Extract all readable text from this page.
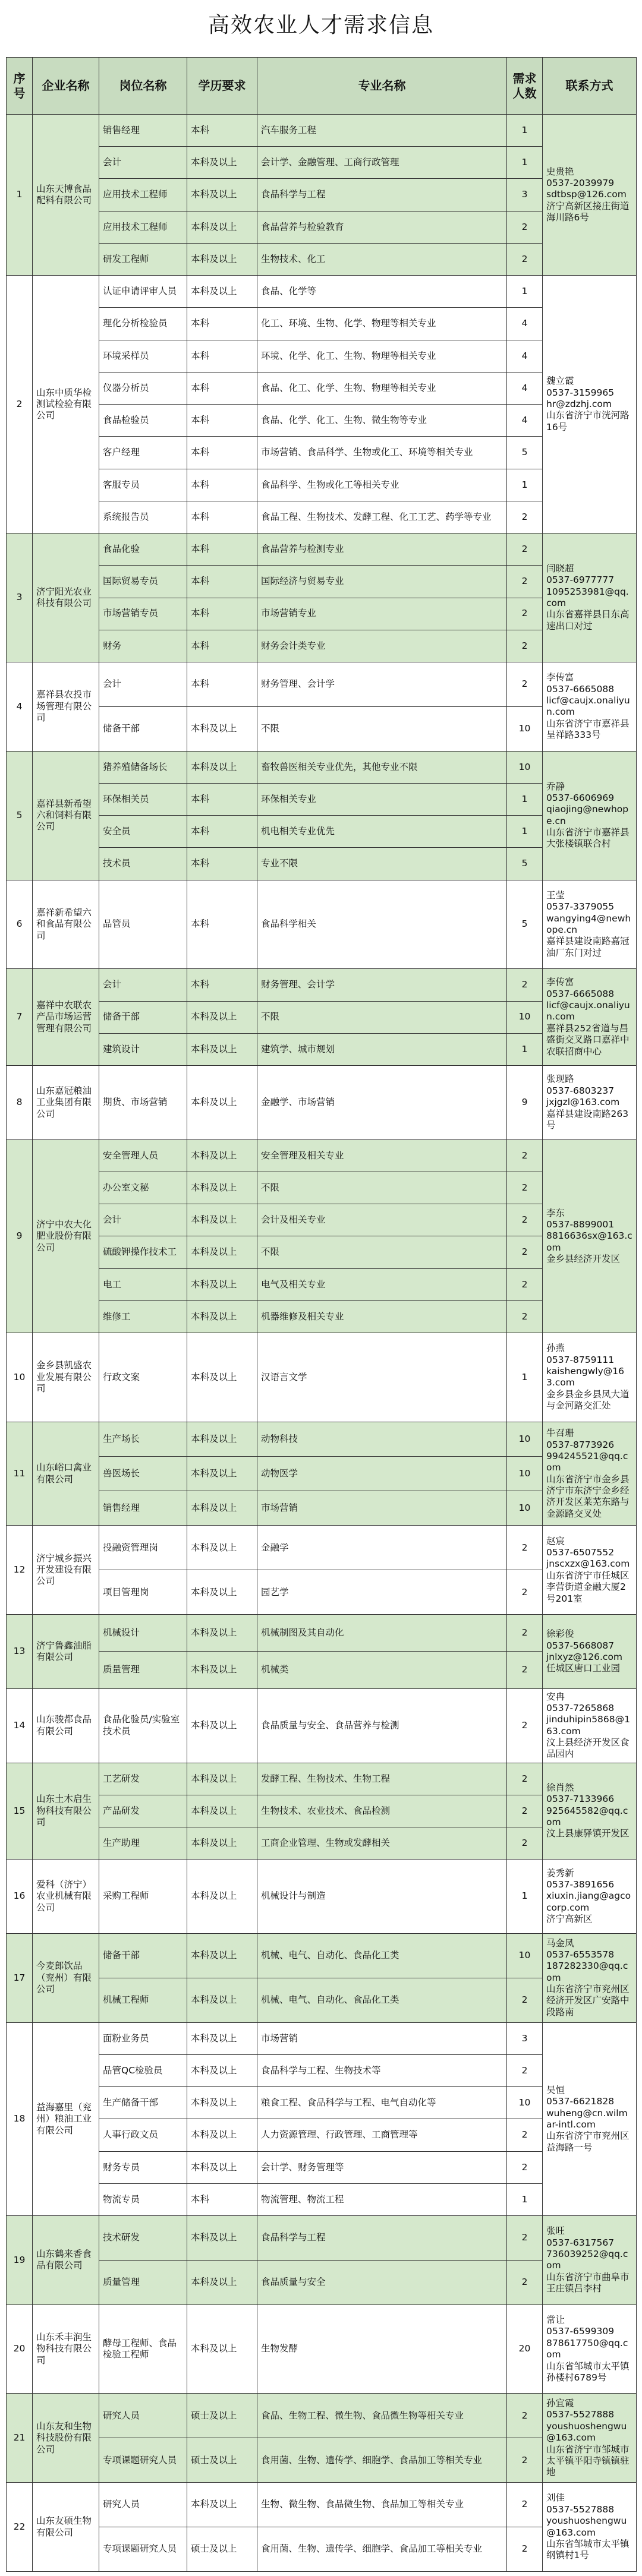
高效农业人才需求信息
序号	企业名称	岗位名称	学历要求	专业名称	需求人数	联系方式
1	山东天博食品配料有限公司	销售经理	本科	汽车服务工程	1	史贵艳
0537-2039979
sdtbsp@126.com
济宁高新区接庄街道海川路6号
		会计	本科及以上	会计学、金融管理、工商行政管理	1	
		应用技术工程师	本科及以上	食品科学与工程	3	
		应用技术工程师	本科及以上	食品营养与检验教育	2	
		研发工程师	本科及以上	生物技术、化工	2	
2	山东中质华检测试检验有限公司	认证申请评审人员	本科及以上	食品、化学等	1	魏立霞
0537-3159965
hr@zdzhj.com
山东省济宁市洸河路16号
		理化分析检验员	本科	化工、环境、生物、化学、物理等相关专业	4	
		环境采样员	本科	环境、化学、化工、生物、物理等相关专业	4	
		仪器分析员	本科	食品、化工、化学、生物、物理等相关专业	4	
		食品检验员	本科	食品、化学、化工、生物、微生物等专业	4	
		客户经理	本科	市场营销、食品科学、生物或化工、环境等相关专业	5	
		客服专员	本科	食品科学、生物或化工等相关专业	1	
		系统报告员	本科	食品工程、生物技术、发酵工程、化工工艺、药学等专业	2	
3	济宁阳光农业科技有限公司	食品化验	本科	食品营养与检测专业	2	闫晓超
0537-6977777
1095253981@qq.com
山东省嘉祥县日东高速出口对过
		国际贸易专员	本科	国际经济与贸易专业	2	
		市场营销专员	本科	市场营销专业	2	
		财务	本科	财务会计类专业	2	
4	嘉祥县农投市场管理有限公司	会计	本科	财务管理、会计学	2	李传富
0537-6665088
licf@caujx.onaliyun.com
山东省济宁市嘉祥县呈祥路333号
		储备干部	本科及以上	不限	10	
5	嘉祥县新希望六和饲料有限公司	猪养殖储备场长	本科及以上	畜牧兽医相关专业优先，其他专业不限	10	乔静
0537-6606969
qiaojing@newhope.cn
山东省济宁市嘉祥县大张楼镇联合村
		环保相关员	本科	环保相关专业	1	
		安全员	本科	机电相关专业优先	1	
		技术员	本科	专业不限	5	
6	嘉祥新希望六和食品有限公司	品管员	本科	食品科学相关	5	王莹
0537-3379055
wangying4@newhope.cn
嘉祥县建设南路嘉冠油厂东门对过
7	嘉祥中农联农产品市场运营管理有限公司	会计	本科	财务管理、会计学	2	李传富
0537-6665088
licf@caujx.onaliyun.com
嘉祥县252省道与昌盛街交叉路口嘉祥中农联招商中心
		储备干部	本科及以上	不限	10	
		建筑设计	本科及以上	建筑学、城市规划	1	
8	山东嘉冠粮油工业集团有限公司	期货、市场营销	本科及以上	金融学、市场营销	9	张现路
0537-6803237
jxjgzl@163.com
嘉祥县建设南路263号
9	济宁中农大化肥业股份有限公司	安全管理人员	本科及以上	安全管理及相关专业	2	李东
0537-8899001
8816636sx@163.com
金乡县经济开发区
		办公室文秘	本科及以上	不限	2	
		会计	本科及以上	会计及相关专业	2	
		硫酸钾操作技术工	本科及以上	不限	2	
		电工	本科及以上	电气及相关专业	2	
		维修工	本科及以上	机器维修及相关专业	2	
10	金乡县凯盛农业发展有限公司	行政文案	本科及以上	汉语言文学	1	孙燕
0537-8759111
kaishengwly@163.com
金乡县金乡县凤大道与金河路交汇处
11	山东峪口禽业有限公司	生产场长	本科及以上	动物科技	10	牛召珊
0537-8773926
994245521@qq.com
山东省济宁市金乡县济宁市东济宁金乡经济开发区莱芜东路与金源路交叉处
		兽医场长	本科及以上	动物医学	10	
		销售经理	本科及以上	市场营销	10	
12	济宁城乡振兴开发建设有限公司	投融资管理岗	本科及以上	金融学	2	赵宸
0537-6507552
jnscxzx@163.com
山东省济宁市任城区李营街道金融大厦2号201室
		项目管理岗	本科及以上	园艺学	2	
13	济宁鲁鑫油脂有限公司	机械设计	本科及以上	机械制图及其自动化	2	徐彩俊
0537-5668087
jnlxyz@126.com
任城区唐口工业园
		质量管理	本科及以上	机械类	2	
14	山东骏都食品有限公司	食品化验员/实验室技术员	本科及以上	食品质量与安全、食品营养与检测	2	安冉
0537-7265868
jinduhipin5868@163.com
汶上县经济开发区食品园内
15	山东土木启生物科技有限公司	工艺研发	本科及以上	发酵工程、生物技术、生物工程	2	徐肖然
0537-7133966
925645582@qq.com
汶上县康驿镇开发区
		产品研发	本科及以上	生物技术、农业技术、食品检测	2	
		生产助理	本科及以上	工商企业管理、生物或发酵相关	2	
16	爱科（济宁）农业机械有限公司	采购工程师	本科及以上	机械设计与制造	1	姜秀新
0537-3891656
xiuxin.jiang@agcocorp.com
济宁高新区
17	今麦郎饮品（兖州）有限公司	储备干部	本科及以上	机械、电气、自动化、食品化工类	10	马金凤
0537-6553578
187282330@qq.com
山东省济宁市兖州区经济开发区广安路中段路南
		机械工程师	本科及以上	机械、电气、自动化、食品化工类	2	
18	益海嘉里（兖州）粮油工业有限公司	面粉业务员	本科及以上	市场营销	3	吴恒
0537-6621828
wuheng@cn.wilmar-intl.com
山东省济宁市兖州区益海路一号
		品管QC检验员	本科及以上	食品科学与工程、生物技术等	2	
		生产储备干部	本科及以上	粮食工程、食品科学与工程、电气自动化等	10	
		人事行政文员	本科及以上	人力资源管理、行政管理、工商管理等	2	
		财务专员	本科及以上	会计学、财务管理等	2	
		物流专员	本科	物流管理、物流工程	1	
19	山东鹤来香食品有限公司	技术研发	本科及以上	食品科学与工程	2	张旺
0537-6317567
736039252@qq.com
山东省济宁市曲阜市王庄镇吕李村
		质量管理	本科及以上	食品质量与安全	2	
20	山东禾丰润生物科技有限公司	酵母工程师、食品检验工程师	本科及以上	生物发酵	20	常让
0537-6599309
878617750@qq.com
山东省邹城市太平镇孙楼村6789号
21	山东友和生物科技股份有限公司	研究人员	硕士及以上	食品、生物工程、微生物、食品微生物等相关专业	2	孙宜霞
0537-5527888
youshuoshengwu@163.com
山东省济宁市邹城市太平镇平阳寺镇镇驻地
		专项课题研究人员	硕士及以上	食用菌、生物、遗传学、细胞学、食品加工等相关专业	2	
22	山东友硕生物有限公司	研究人员	本科及以上	生物、微生物、食品微生物、食品加工等相关专业	2	刘佳
0537-5527888
youshuoshengwu@163.com
山东省邹城市太平镇纲镇村1号
		专项课题研究人员	硕士及以上	食用菌、生物、遗传学、细胞学、食品加工等相关专业	2	
